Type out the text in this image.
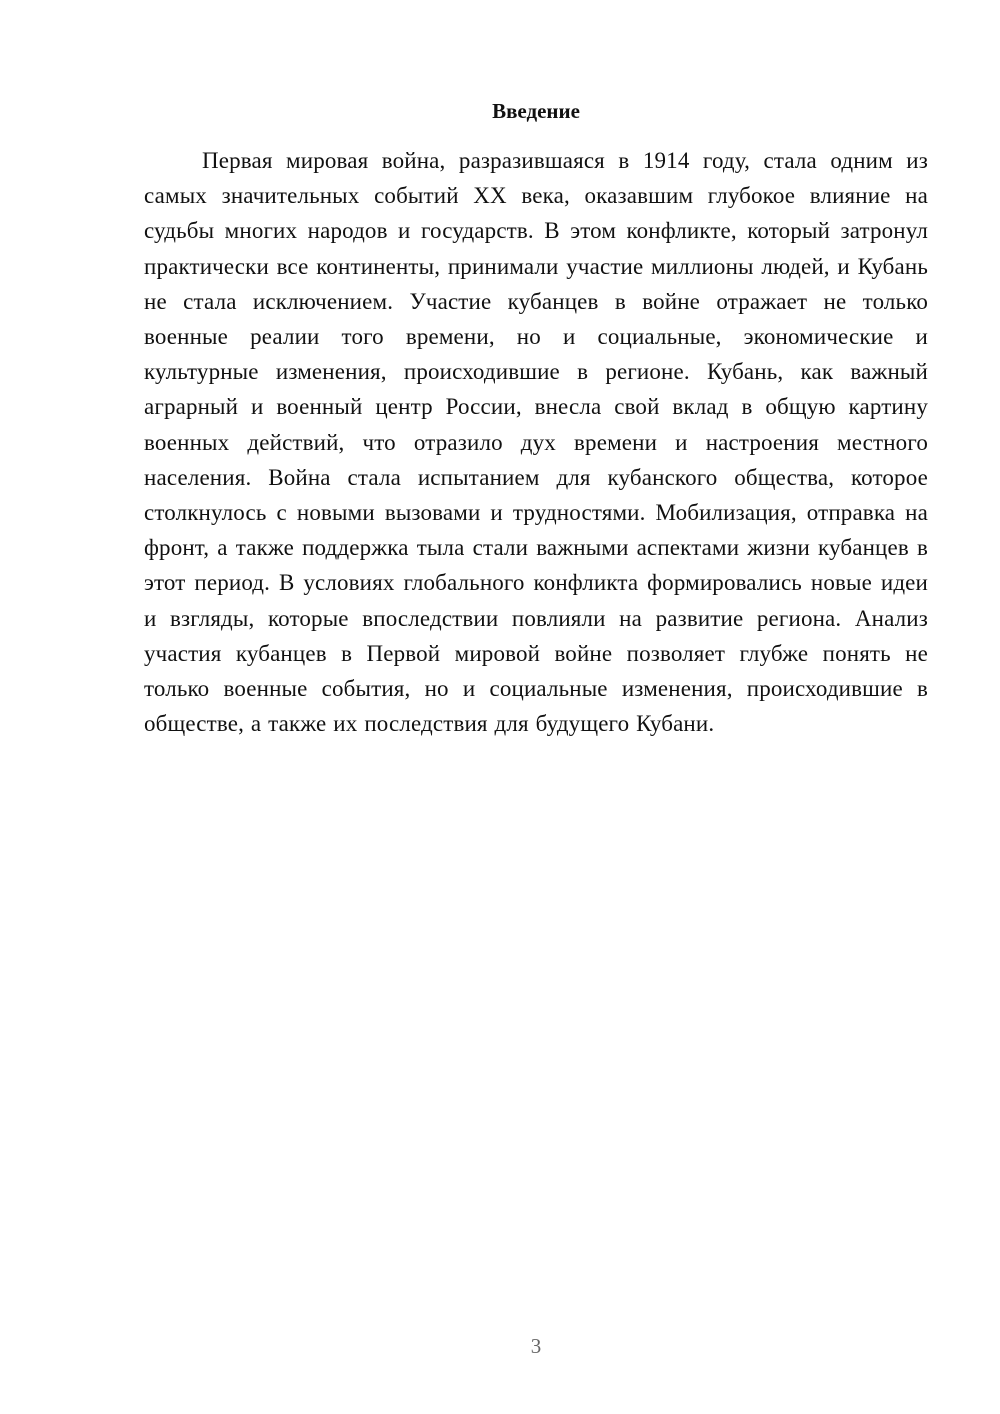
Введение

Первая мировая война, разразившаяся в 1914 году, стала одним из самых значительных событий XX века, оказавшим глубокое влияние на судьбы многих народов и государств. В этом конфликте, который затронул практически все континенты, принимали участие миллионы людей, и Кубань не стала исключением. Участие кубанцев в войне отражает не только военные реалии того времени, но и социальные, экономические и культурные изменения, происходившие в регионе. Кубань, как важный аграрный и военный центр России, внесла свой вклад в общую картину военных действий, что отразило дух времени и настроения местного населения. Война стала испытанием для кубанского общества, которое столкнулось с новыми вызовами и трудностями. Мобилизация, отправка на фронт, а также поддержка тыла стали важными аспектами жизни кубанцев в этот период. В условиях глобального конфликта формировались новые идеи и взгляды, которые впоследствии повлияли на развитие региона. Анализ участия кубанцев в Первой мировой войне позволяет глубже понять не только военные события, но и социальные изменения, происходившие в обществе, а также их последствия для будущего Кубани.

3
